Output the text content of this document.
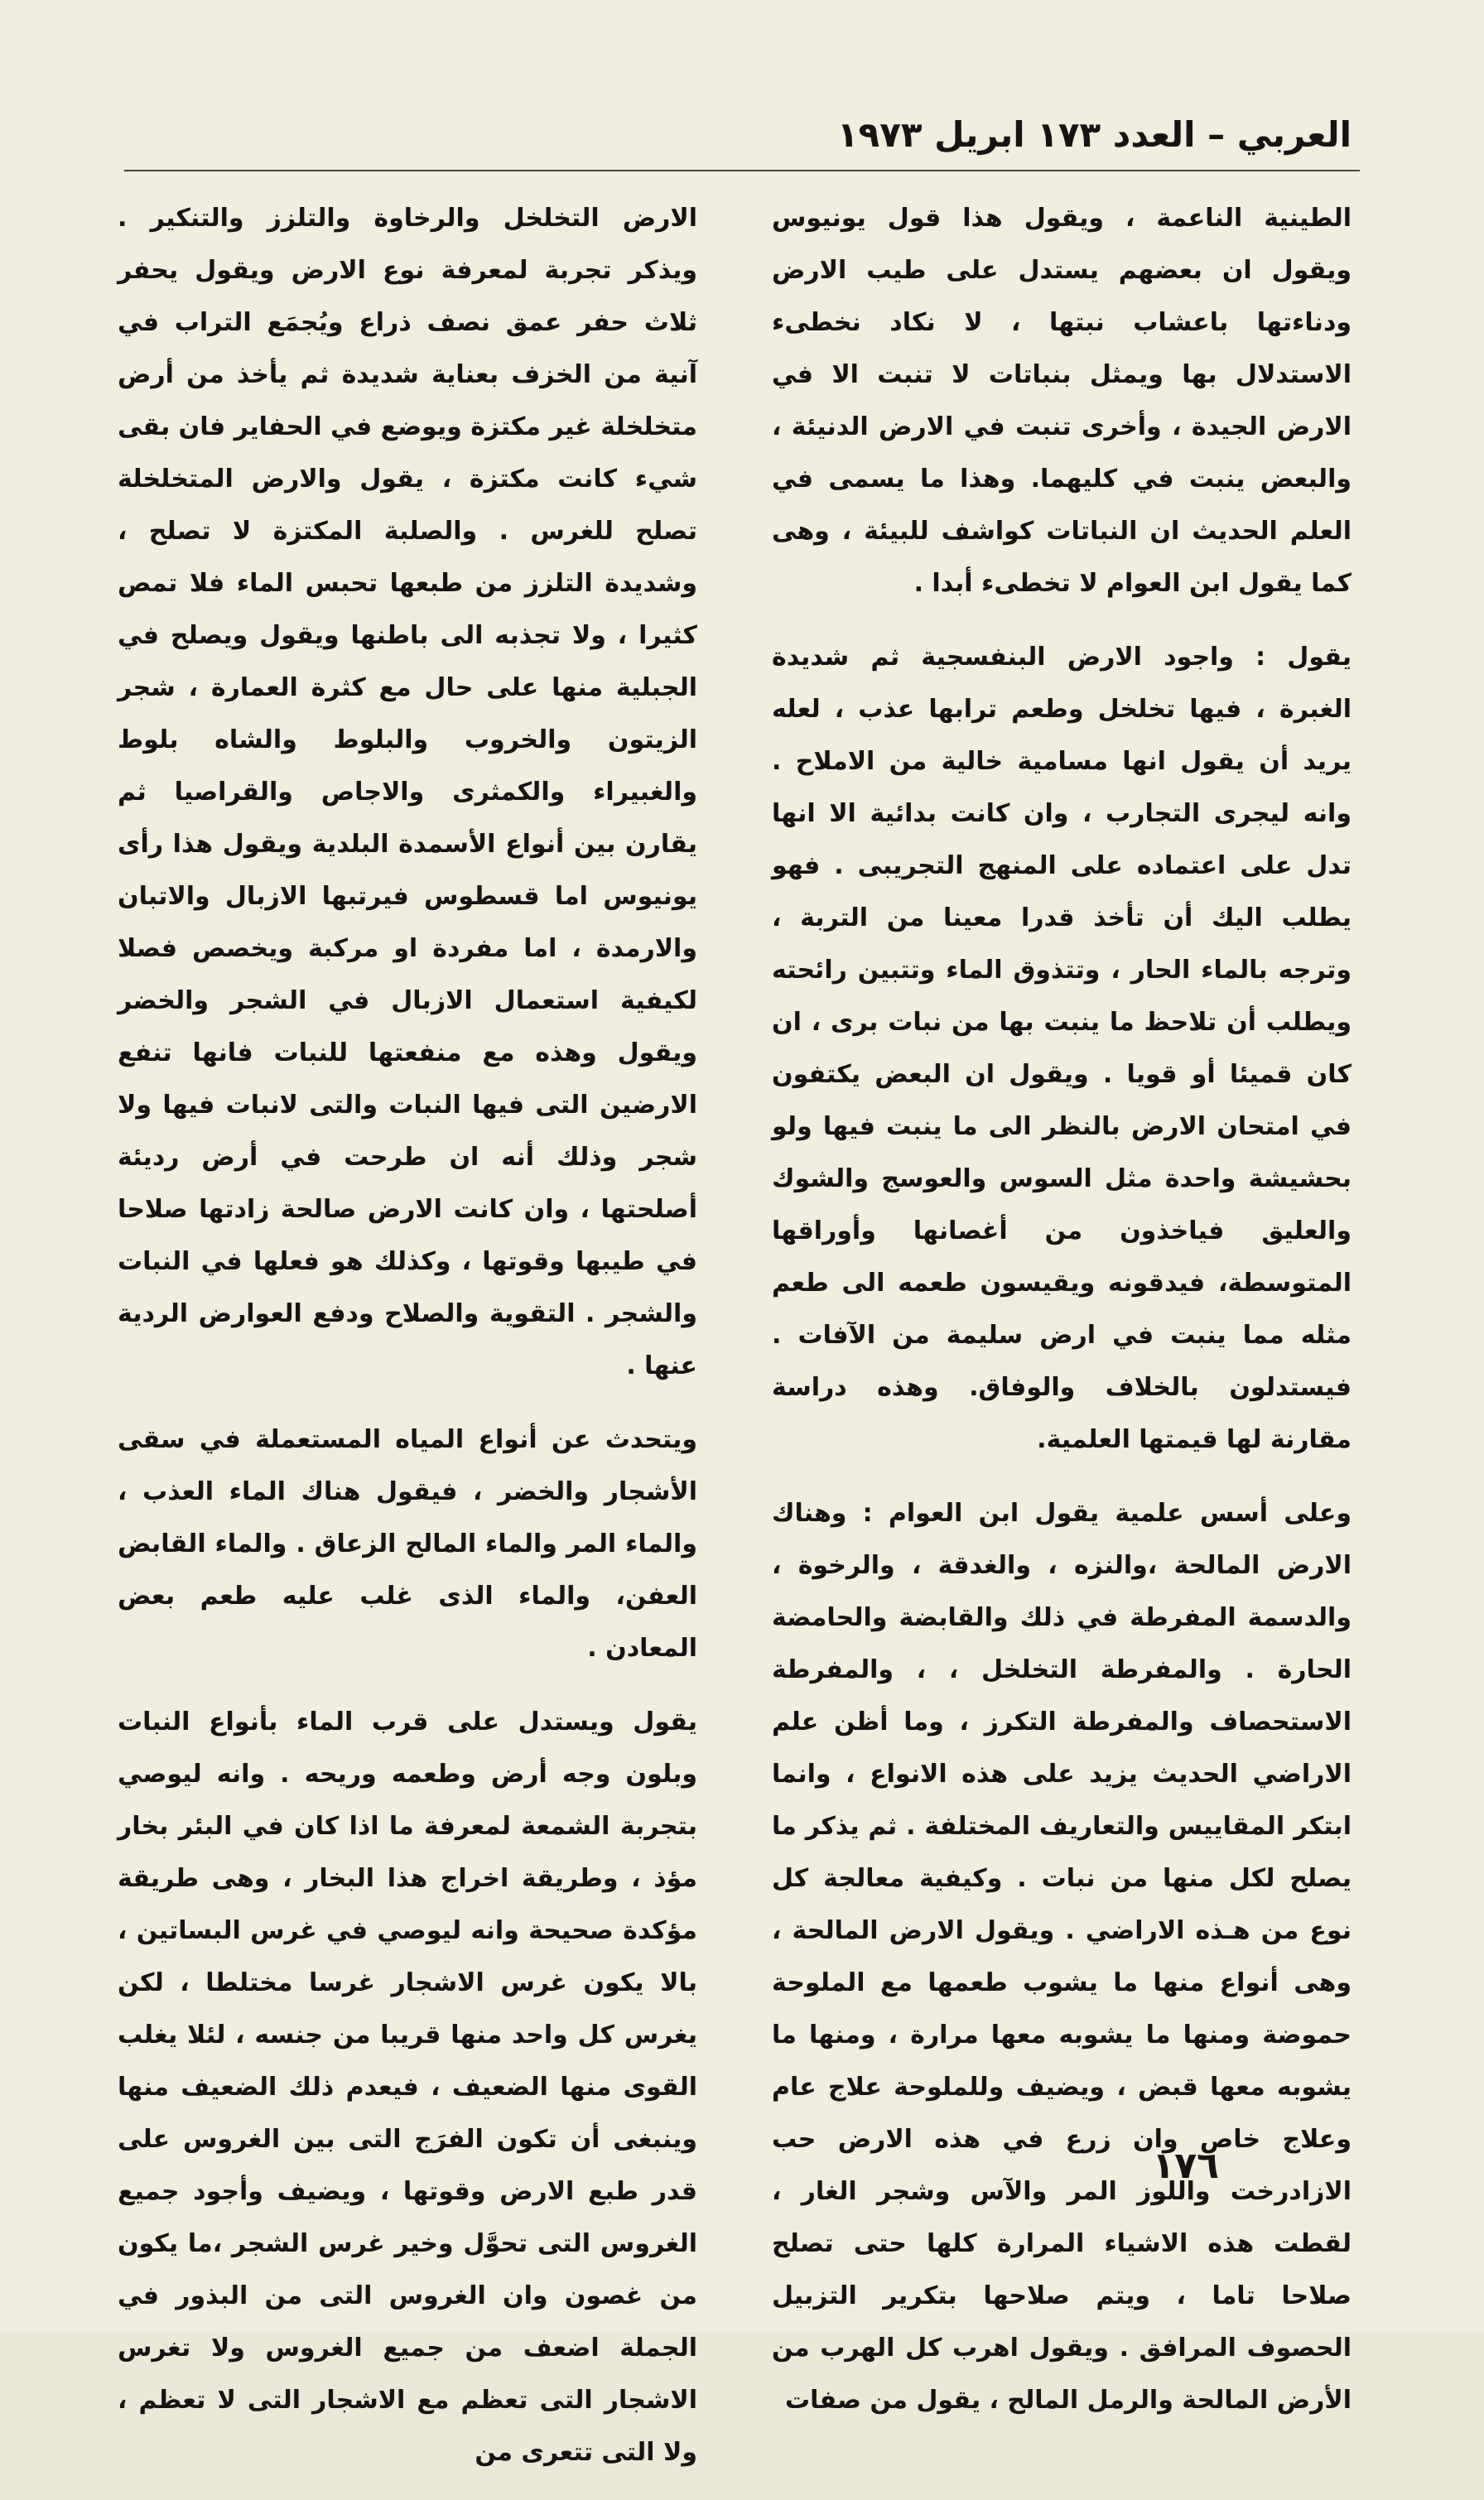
العربي – العدد ١٧٣ ابريل ١٩٧٣

الطينية الناعمة ، ويقول هذا قول يونيوس ويقول ان بعضهم يستدل على طيب الارض ودناءتها باعشاب نبتها ، لا نكاد نخطىء الاستدلال بها ويمثل بنباتات لا تنبت الا في الارض الجيدة ، وأخرى تنبت في الارض الدنيئة ، والبعض ينبت في كليهما. وهذا ما يسمى في العلم الحديث ان النباتات كواشف للبيئة ، وهى كما يقول ابن العوام لا تخطىء أبدا .

يقول : واجود الارض البنفسجية ثم شديدة الغبرة ، فيها تخلخل وطعم ترابها عذب ، لعله يريد أن يقول انها مسامية خالية من الاملاح . وانه ليجرى التجارب ، وان كانت بدائية الا انها تدل على اعتماده على المنهج التجريبى . فهو يطلب اليك أن تأخذ قدرا معينا من التربة ، وترجه بالماء الحار ، وتتذوق الماء وتتبين رائحته ويطلب أن تلاحظ ما ينبت بها من نبات برى ، ان كان قميئا أو قويا . ويقول ان البعض يكتفون في امتحان الارض بالنظر الى ما ينبت فيها ولو بحشيشة واحدة مثل السوس والعوسج والشوك والعليق فياخذون من أغصانها وأوراقها المتوسطة، فيدقونه ويقيسون طعمه الى طعم مثله مما ينبت في ارض سليمة من الآفات . فيستدلون بالخلاف والوفاق. وهذه دراسة مقارنة لها قيمتها العلمية.

وعلى أسس علمية يقول ابن العوام : وهناك الارض المالحة ،والنزه ، والغدقة ، والرخوة ، والدسمة المفرطة في ذلك والقابضة والحامضة الحارة . والمفرطة التخلخل ، ، والمفرطة الاستحصاف والمفرطة التكرز ، وما أظن علم الاراضي الحديث يزيد على هذه الانواع ، وانما ابتكر المقاييس والتعاريف المختلفة . ثم يذكر ما يصلح لكل منها من نبات . وكيفية معالجة كل نوع من هـذه الاراضي . ويقول الارض المالحة ، وهى أنواع منها ما يشوب طعمها مع الملوحة حموضة ومنها ما يشوبه معها مرارة ، ومنها ما يشوبه معها قبض ، ويضيف وللملوحة علاج عام وعلاج خاص وان زرع في هذه الارض حب الازادرخت واللوز المر والآس وشجر الغار ، لقطت هذه الاشياء المرارة كلها حتى تصلح صلاحا تاما ، ويتم صلاحها بتكرير التزبيل الحصوف المرافق . ويقول اهرب كل الهرب من الأرض المالحة والرمل المالح ، يقول من صفات

الارض التخلخل والرخاوة والتلزز والتنكير . ويذكر تجربة لمعرفة نوع الارض ويقول يحفر ثلاث حفر عمق نصف ذراع ويُجمَع التراب في آنية من الخزف بعناية شديدة ثم يأخذ من أرض متخلخلة غير مكتزة ويوضع في الحفاير فان بقى شيء كانت مكتزة ، يقول والارض المتخلخلة تصلح للغرس . والصلبة المكتزة لا تصلح ، وشديدة التلزز من طبعها تحبس الماء فلا تمص كثيرا ، ولا تجذبه الى باطنها ويقول ويصلح في الجبلية منها على حال مع كثرة العمارة ، شجر الزيتون والخروب والبلوط والشاه بلوط والغبيراء والكمثرى والاجاص والقراصيا ثم يقارن بين أنواع الأسمدة البلدية ويقول هذا رأى يونيوس اما قسطوس فيرتبها الازبال والاتبان والارمدة ، اما مفردة او مركبة ويخصص فصلا لكيفية استعمال الازبال في الشجر والخضر ويقول وهذه مع منفعتها للنبات فانها تنفع الارضين التى فيها النبات والتى لانبات فيها ولا شجر وذلك أنه ان طرحت في أرض رديئة أصلحتها ، وان كانت الارض صالحة زادتها صلاحا في طيبها وقوتها ، وكذلك هو فعلها في النبات والشجر . التقوية والصلاح ودفع العوارض الردية عنها .

ويتحدث عن أنواع المياه المستعملة في سقى الأشجار والخضر ، فيقول هناك الماء العذب ، والماء المر والماء المالح الزعاق . والماء القابض العفن، والماء الذى غلب عليه طعم بعض المعادن .

يقول ويستدل على قرب الماء بأنواع النبات وبلون وجه أرض وطعمه وريحه . وانه ليوصي بتجربة الشمعة لمعرفة ما اذا كان في البئر بخار مؤذ ، وطريقة اخراج هذا البخار ، وهى طريقة مؤكدة صحيحة وانه ليوصي في غرس البساتين ، بالا يكون غرس الاشجار غرسا مختلطا ، لكن يغرس كل واحد منها قريبا من جنسه ، لئلا يغلب القوى منها الضعيف ، فيعدم ذلك الضعيف منها وينبغى أن تكون الفرَج التى بين الغروس على قدر طبع الارض وقوتها ، ويضيف وأجود جميع الغروس التى تحوَّل وخير غرس الشجر ،ما يكون من غصون وان الغروس التى من البذور في الجملة اضعف من جميع الغروس ولا تغرس الاشجار التى تعظم مع الاشجار التى لا تعظم ، ولا التى تتعرى من

١٧٦
